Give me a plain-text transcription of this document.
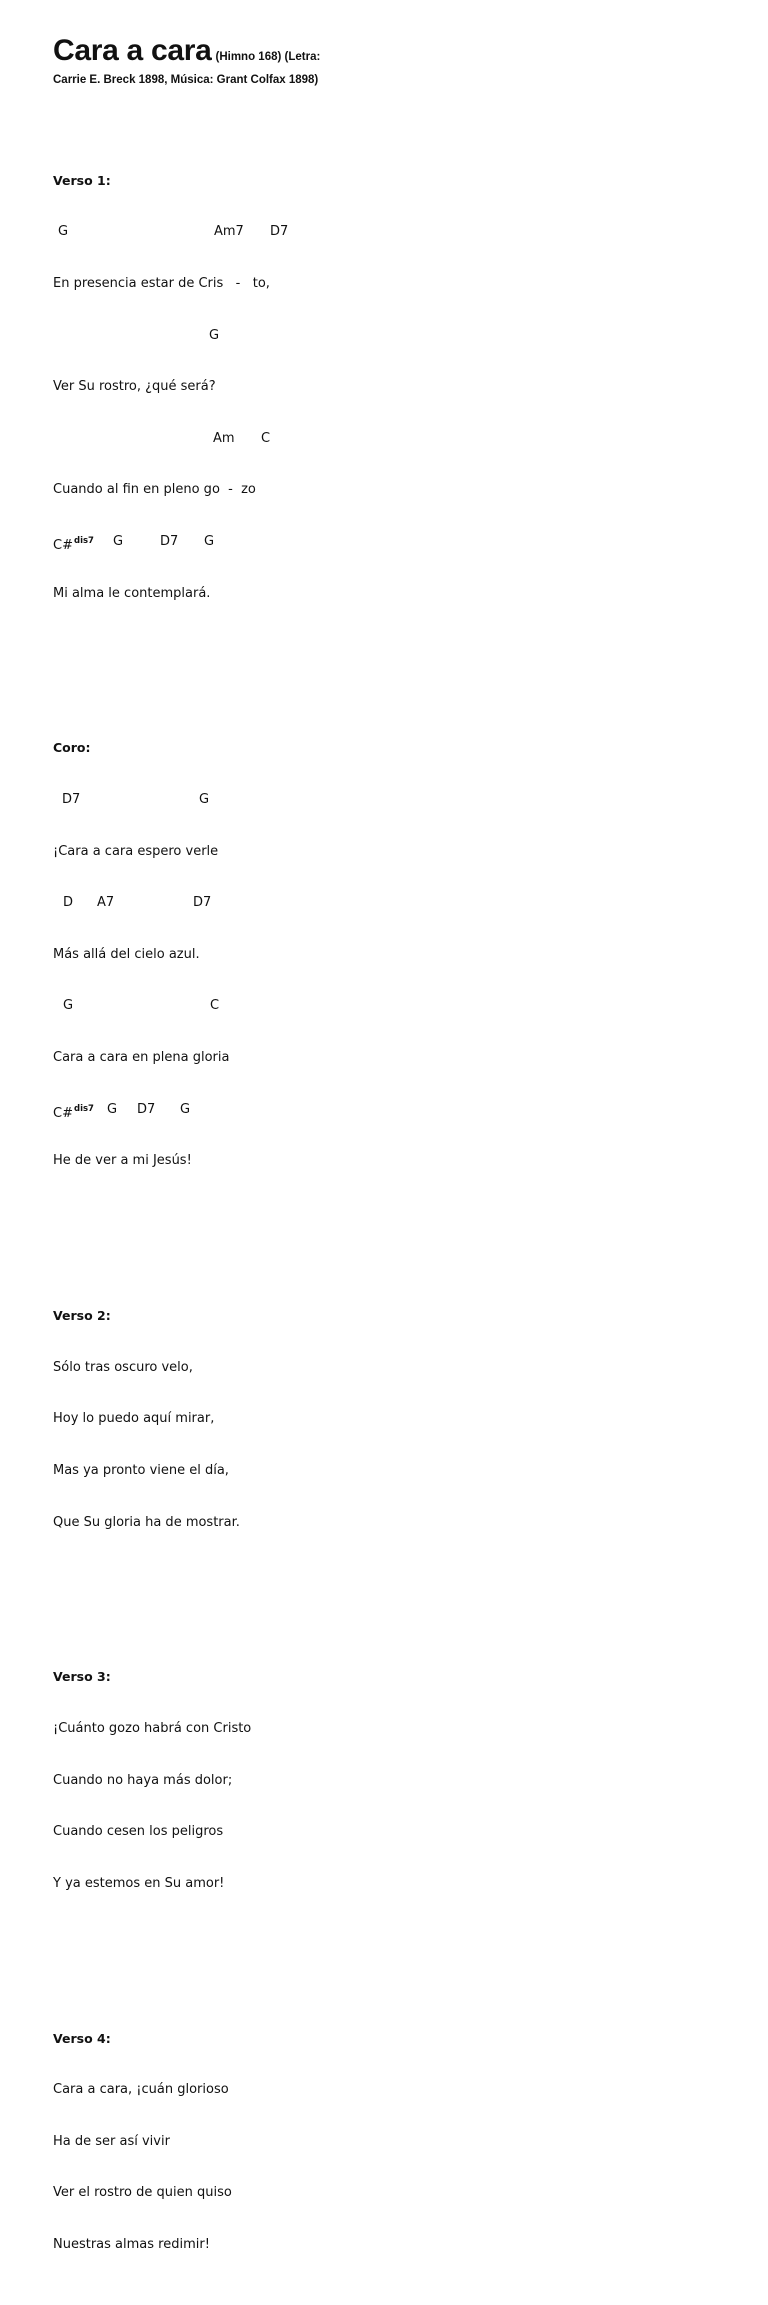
Cara a cara (Himno 168) (Letra:
Carrie E. Breck 1898, Música: Grant Colfax 1898)

Verso 1:

G

	Am7

D7

En presencia estar de Cris   -   to,

G

Ver Su rostro, ¿qué será?

Am

C

Cuando al fin en pleno go  -  zo

C#$^{dis7}$

G

	D7

G

Mi alma le contemplará.

Coro:

D7

	G

¡Cara a cara espero verle

D

A7

	D7

Más allá del cielo azul.

G

	C

Cara a cara en plena gloria

C#$^{dis7}$

G

D7

G

He de ver a mi Jesús!

Verso 2:

Sólo tras oscuro velo,

Hoy lo puedo aquí mirar,

Mas ya pronto viene el día,

Que Su gloria ha de mostrar.

Verso 3:

¡Cuánto gozo habrá con Cristo

Cuando no haya más dolor;

Cuando cesen los peligros

Y ya estemos en Su amor!

Verso 4:

Cara a cara, ¡cuán glorioso

Ha de ser así vivir

Ver el rostro de quien quiso

Nuestras almas redimir!
